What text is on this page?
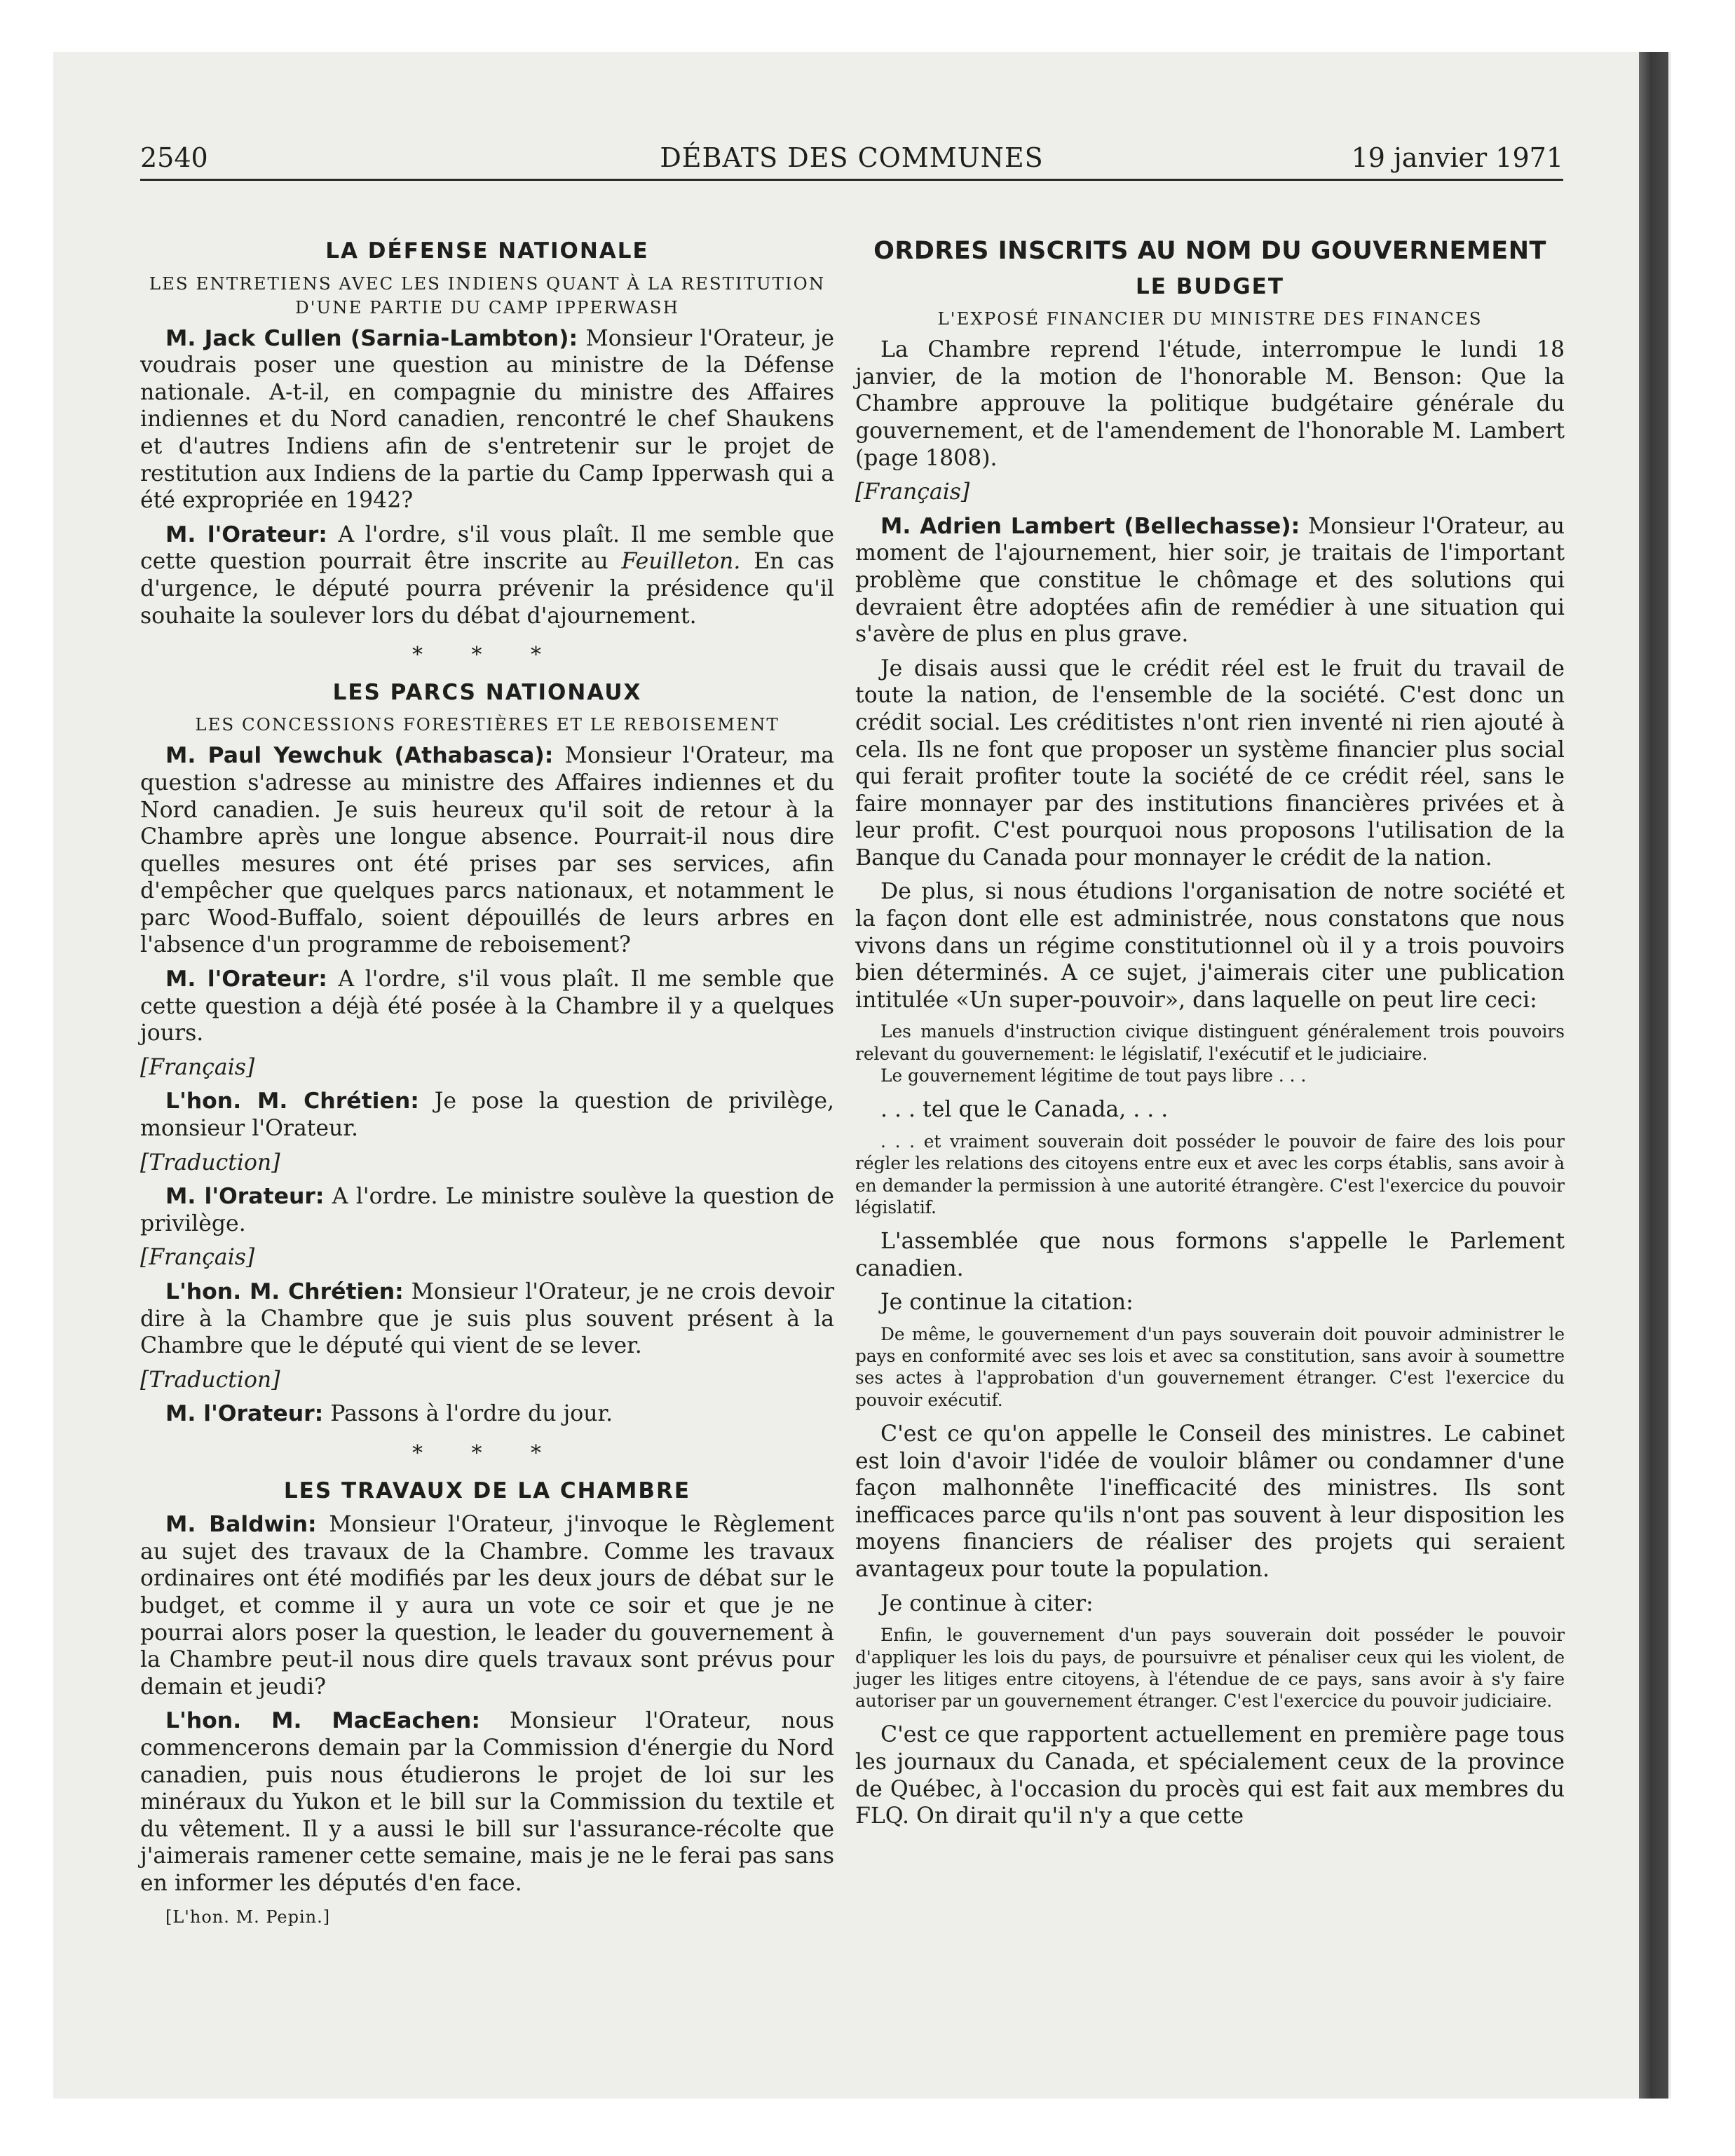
2540	DÉBATS DES COMMUNES	19 janvier 1971
LA DÉFENSE NATIONALE
LES ENTRETIENS AVEC LES INDIENS QUANT À LA RESTITUTION D'UNE PARTIE DU CAMP IPPERWASH

M. Jack Cullen (Sarnia-Lambton): Monsieur l'Orateur, je voudrais poser une question au ministre de la Défense nationale. A-t-il, en compagnie du ministre des Affaires indiennes et du Nord canadien, rencontré le chef Shaukens et d'autres Indiens afin de s'entretenir sur le projet de restitution aux Indiens de la partie du Camp Ipperwash qui a été expropriée en 1942?

M. l'Orateur: A l'ordre, s'il vous plaît. Il me semble que cette question pourrait être inscrite au Feuilleton. En cas d'urgence, le député pourra prévenir la présidence qu'il souhaite la soulever lors du débat d'ajournement.

* * *
LES PARCS NATIONAUX
LES CONCESSIONS FORESTIÈRES ET LE REBOISEMENT

M. Paul Yewchuk (Athabasca): Monsieur l'Orateur, ma question s'adresse au ministre des Affaires indiennes et du Nord canadien. Je suis heureux qu'il soit de retour à la Chambre après une longue absence. Pourrait-il nous dire quelles mesures ont été prises par ses services, afin d'empêcher que quelques parcs nationaux, et notamment le parc Wood-Buffalo, soient dépouillés de leurs arbres en l'absence d'un programme de reboisement?

M. l'Orateur: A l'ordre, s'il vous plaît. Il me semble que cette question a déjà été posée à la Chambre il y a quelques jours.

[Français]

L'hon. M. Chrétien: Je pose la question de privilège, monsieur l'Orateur.

[Traduction]

M. l'Orateur: A l'ordre. Le ministre soulève la question de privilège.

[Français]

L'hon. M. Chrétien: Monsieur l'Orateur, je ne crois devoir dire à la Chambre que je suis plus souvent présent à la Chambre que le député qui vient de se lever.

[Traduction]

M. l'Orateur: Passons à l'ordre du jour.

* * *
LES TRAVAUX DE LA CHAMBRE

M. Baldwin: Monsieur l'Orateur, j'invoque le Règlement au sujet des travaux de la Chambre. Comme les travaux ordinaires ont été modifiés par les deux jours de débat sur le budget, et comme il y aura un vote ce soir et que je ne pourrai alors poser la question, le leader du gouvernement à la Chambre peut-il nous dire quels travaux sont prévus pour demain et jeudi?

L'hon. M. MacEachen: Monsieur l'Orateur, nous commencerons demain par la Commission d'énergie du Nord canadien, puis nous étudierons le projet de loi sur les minéraux du Yukon et le bill sur la Commission du textile et du vêtement. Il y a aussi le bill sur l'assurance-récolte que j'aimerais ramener cette semaine, mais je ne le ferai pas sans en informer les députés d'en face.

[L'hon. M. Pepin.]
ORDRES INSCRITS AU NOM DU GOUVERNEMENT
LE BUDGET
L'EXPOSÉ FINANCIER DU MINISTRE DES FINANCES

La Chambre reprend l'étude, interrompue le lundi 18 janvier, de la motion de l'honorable M. Benson: Que la Chambre approuve la politique budgétaire générale du gouvernement, et de l'amendement de l'honorable M. Lambert (page 1808).

[Français]

M. Adrien Lambert (Bellechasse): Monsieur l'Orateur, au moment de l'ajournement, hier soir, je traitais de l'important problème que constitue le chômage et des solutions qui devraient être adoptées afin de remédier à une situation qui s'avère de plus en plus grave.

Je disais aussi que le crédit réel est le fruit du travail de toute la nation, de l'ensemble de la société. C'est donc un crédit social. Les créditistes n'ont rien inventé ni rien ajouté à cela. Ils ne font que proposer un système financier plus social qui ferait profiter toute la société de ce crédit réel, sans le faire monnayer par des institutions financières privées et à leur profit. C'est pourquoi nous proposons l'utilisation de la Banque du Canada pour monnayer le crédit de la nation.

De plus, si nous étudions l'organisation de notre société et la façon dont elle est administrée, nous constatons que nous vivons dans un régime constitutionnel où il y a trois pouvoirs bien déterminés. A ce sujet, j'aimerais citer une publication intitulée «Un super-pouvoir», dans laquelle on peut lire ceci:

Les manuels d'instruction civique distinguent généralement trois pouvoirs relevant du gouvernement: le législatif, l'exécutif et le judiciaire.
Le gouvernement légitime de tout pays libre . . .

. . . tel que le Canada, . . .

. . . et vraiment souverain doit posséder le pouvoir de faire des lois pour régler les relations des citoyens entre eux et avec les corps établis, sans avoir à en demander la permission à une autorité étrangère. C'est l'exercice du pouvoir législatif.

L'assemblée que nous formons s'appelle le Parlement canadien.

Je continue la citation:

De même, le gouvernement d'un pays souverain doit pouvoir administrer le pays en conformité avec ses lois et avec sa constitution, sans avoir à soumettre ses actes à l'approbation d'un gouvernement étranger. C'est l'exercice du pouvoir exécutif.

C'est ce qu'on appelle le Conseil des ministres. Le cabinet est loin d'avoir l'idée de vouloir blâmer ou condamner d'une façon malhonnête l'inefficacité des ministres. Ils sont inefficaces parce qu'ils n'ont pas souvent à leur disposition les moyens financiers de réaliser des projets qui seraient avantageux pour toute la population.

Je continue à citer:

Enfin, le gouvernement d'un pays souverain doit posséder le pouvoir d'appliquer les lois du pays, de poursuivre et pénaliser ceux qui les violent, de juger les litiges entre citoyens, à l'étendue de ce pays, sans avoir à s'y faire autoriser par un gouvernement étranger. C'est l'exercice du pouvoir judiciaire.

C'est ce que rapportent actuellement en première page tous les journaux du Canada, et spécialement ceux de la province de Québec, à l'occasion du procès qui est fait aux membres du FLQ. On dirait qu'il n'y a que cette
